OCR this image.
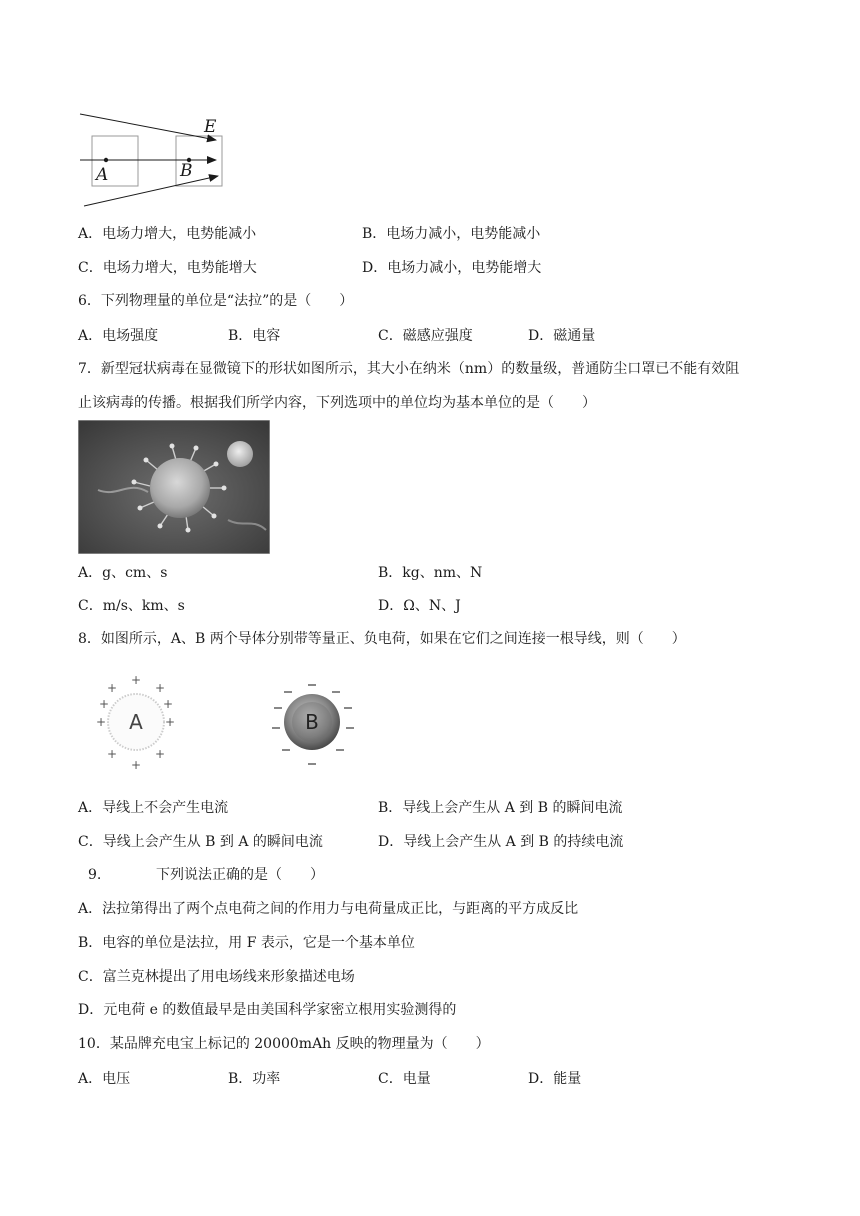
E
A	B
A．电场力增大，电势能减小	B．电场力减小，电势能减小
C．电场力增大，电势能增大	D．电场力减小，电势能增大
6．下列物理量的单位是“法拉”的是（　　）
A．电场强度	B．电容	C．磁感应强度	D．磁通量
7．新型冠状病毒在显微镜下的形状如图所示，其大小在纳米（nm）的数量级，普通防尘口罩已不能有效阻
止该病毒的传播。根据我们所学内容，下列选项中的单位均为基本单位的是（　　）
A．g、cm、s	B．kg、nm、N
C．m/s、km、s	D．Ω、N、J
8．如图所示，A、B 两个导体分别带等量正、负电荷，如果在它们之间连接一根导线，则（　　）
A
+
+
+
+
+
+
+
+
+
+
B
A．导线上不会产生电流	B．导线上会产生从 A 到 B 的瞬间电流
C．导线上会产生从 B 到 A 的瞬间电流	D．导线上会产生从 A 到 B 的持续电流
9.	下列说法正确的是（　　）
A．法拉第得出了两个点电荷之间的作用力与电荷量成正比，与距离的平方成反比
B．电容的单位是法拉，用 F 表示，它是一个基本单位
C．富兰克林提出了用电场线来形象描述电场
D．元电荷 e 的数值最早是由美国科学家密立根用实验测得的
10．某品牌充电宝上标记的 20000mAh 反映的物理量为（　　）
A．电压	B．功率	C．电量	D．能量
